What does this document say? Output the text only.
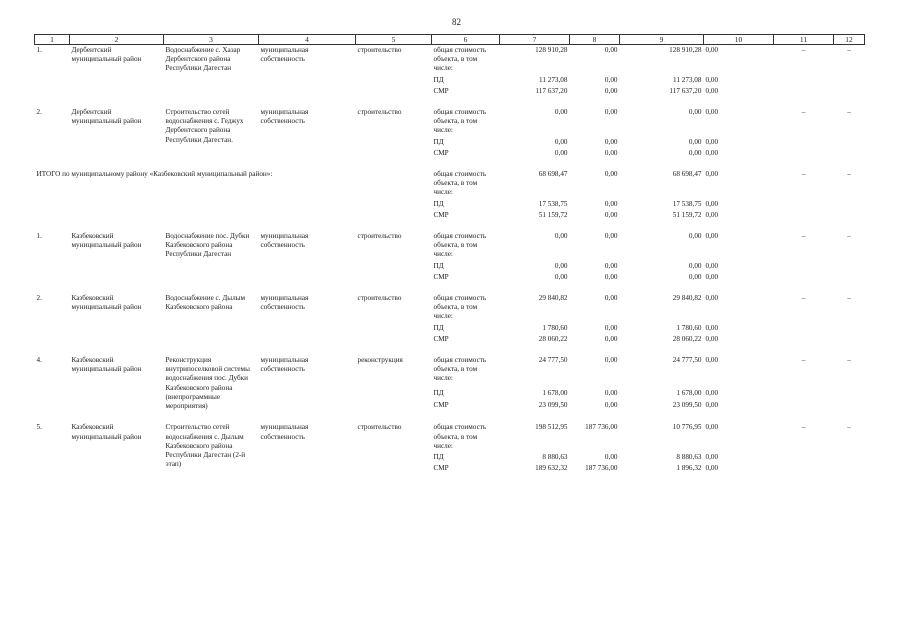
82
1	2	3	4	5	6	7	8	9	10	11	12
1.	Дербентский муниципальный район	Водоснабжение с. Хазар Дербентского района Республики Дагестан	муниципальная собственность	строительство	общая стоимость объекта, в том числе:	128 910,28	0,00	128 910,28	0,00	–	–
					ПД	11 273,08	0,00	11 273,08	0,00		
					СМР	117 637,20	0,00	117 637,20	0,00		

2.	Дербентский муниципальный район	Строительство сетей водоснабжения с. Геджух Дербентского района Республики Дагестан.	муниципальная собственность	строительство	общая стоимость объекта, в том числе:	0,00	0,00	0,00	0,00	–	–
					ПД	0,00	0,00	0,00	0,00		
					СМР	0,00	0,00	0,00	0,00		

ИТОГО по муниципальному району «Казбековский муниципальный район»:					общая стоимость объекта, в том числе:	68 698,47	0,00	68 698,47	0,00	–	–
					ПД	17 538,75	0,00	17 538,75	0,00		
					СМР	51 159,72	0,00	51 159,72	0,00		

1.	Казбековский муниципальный район	Водоснабжение пос. Дубки Казбековского района Республики Дагестан	муниципальная собственность	строительство	общая стоимость объекта, в том числе:	0,00	0,00	0,00	0,00	–	–
					ПД	0,00	0,00	0,00	0,00		
					СМР	0,00	0,00	0,00	0,00		

2.	Казбековский муниципальный район	Водоснабжение с. Дылым Казбековского района	муниципальная собственность	строительство	общая стоимость объекта, в том числе:	29 840,82	0,00	29 840,82	0,00	–	–
					ПД	1 780,60	0,00	1 780,60	0,00		
					СМР	28 060,22	0,00	28 060,22	0,00		

4.	Казбековский муниципальный район	Реконструкция внутрипоселковой системы водоснабжения пос. Дубки Казбековского района (внепрограммные мероприятия)	муниципальная собственность	реконструкция	общая стоимость объекта, в том числе:	24 777,50	0,00	24 777,50	0,00	–	–
					ПД	1 678,00	0,00	1 678,00	0,00		
					СМР	23 099,50	0,00	23 099,50	0,00		

5.	Казбековский муниципальный район	Строительство сетей водоснабжения с. Дылым Казбековского района Республики Дагестан (2-й этап)	муниципальная собственность	строительство	общая стоимость объекта, в том числе:	198 512,95	187 736,00	10 776,95	0,00	–	–
					ПД	8 880,63	0,00	8 880,63	0,00		
					СМР	189 632,32	187 736,00	1 896,32	0,00		
